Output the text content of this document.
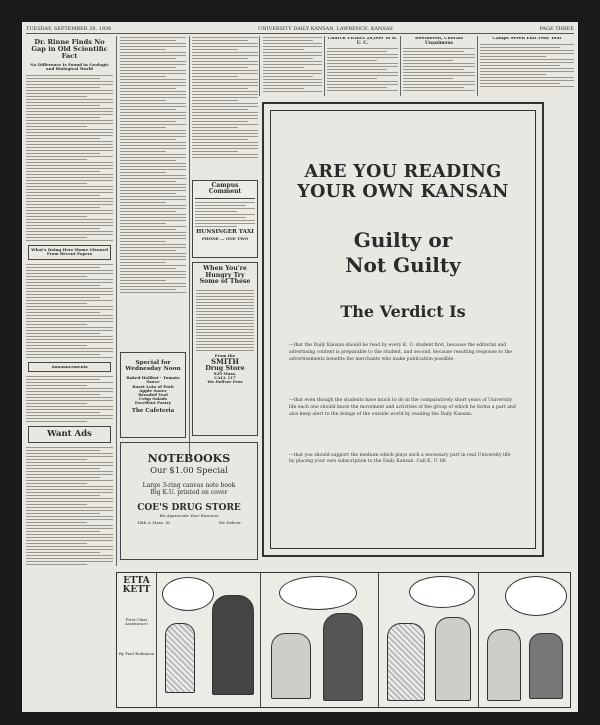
TUESDAY, SEPTEMBER 29, 1936	UNIVERSITY DAILY KANSAN, LAWRENCE, KANSAS	PAGE THREE
Dr. Rinne Finds No Gap in Old Scientific Fact
No Difference Is Found in Geologic and Biological World
What's Doing Here Home Gleaned From Recent Papers
Announcements
Want Ads
Campus Comment
HUNSINGER TAXI
PHONE — ONE TWO
When You're Hungry Try Some of These
From the
SMITH
Drug Store
929 Mass.
CALL 117
We Deliver Free
Special for Wednesday Noon
Baked Halibut - Tomato Sauce
Roast Loin of Pork
Apple Sauce
Breaded Veal
Crisp Salads
Excellent Pastry
The Cafeteria
NOTEBOOKS
Our $1.00 Special
Large 3-ring canvas note book
Big K.U. printed on cover
COE'S DRUG STORE
We Appreciate Your Business
14th & Mass. St.	We Deliver
Church Picnics 28,000 To K. U. C.
Beethoven, Chorals Unanimous
Camps Seven Edit Four Year
ARE YOU READING YOUR OWN KANSAN
Guilty or Not Guilty
The Verdict Is
—that the Daily Kansan should be read by every K. U. student first, because the editorial and advertising content is preparable to the student, and second, because resulting response to the advertisements benefits the merchants who make publication possible.
—that even though the students have much to do in the comparatively short years of University life each one should know the movement and activities of the group of which he forms a part and also keep alert to the doings of the outside world by reading the Daily Kansan.
—that you should support the medium which plays such a necessary part in real University life by placing your own subscription to the Daily Kansan. Call K. U. 66.
ETTA KETT
First Class Assistance!
By Paul Robinson
